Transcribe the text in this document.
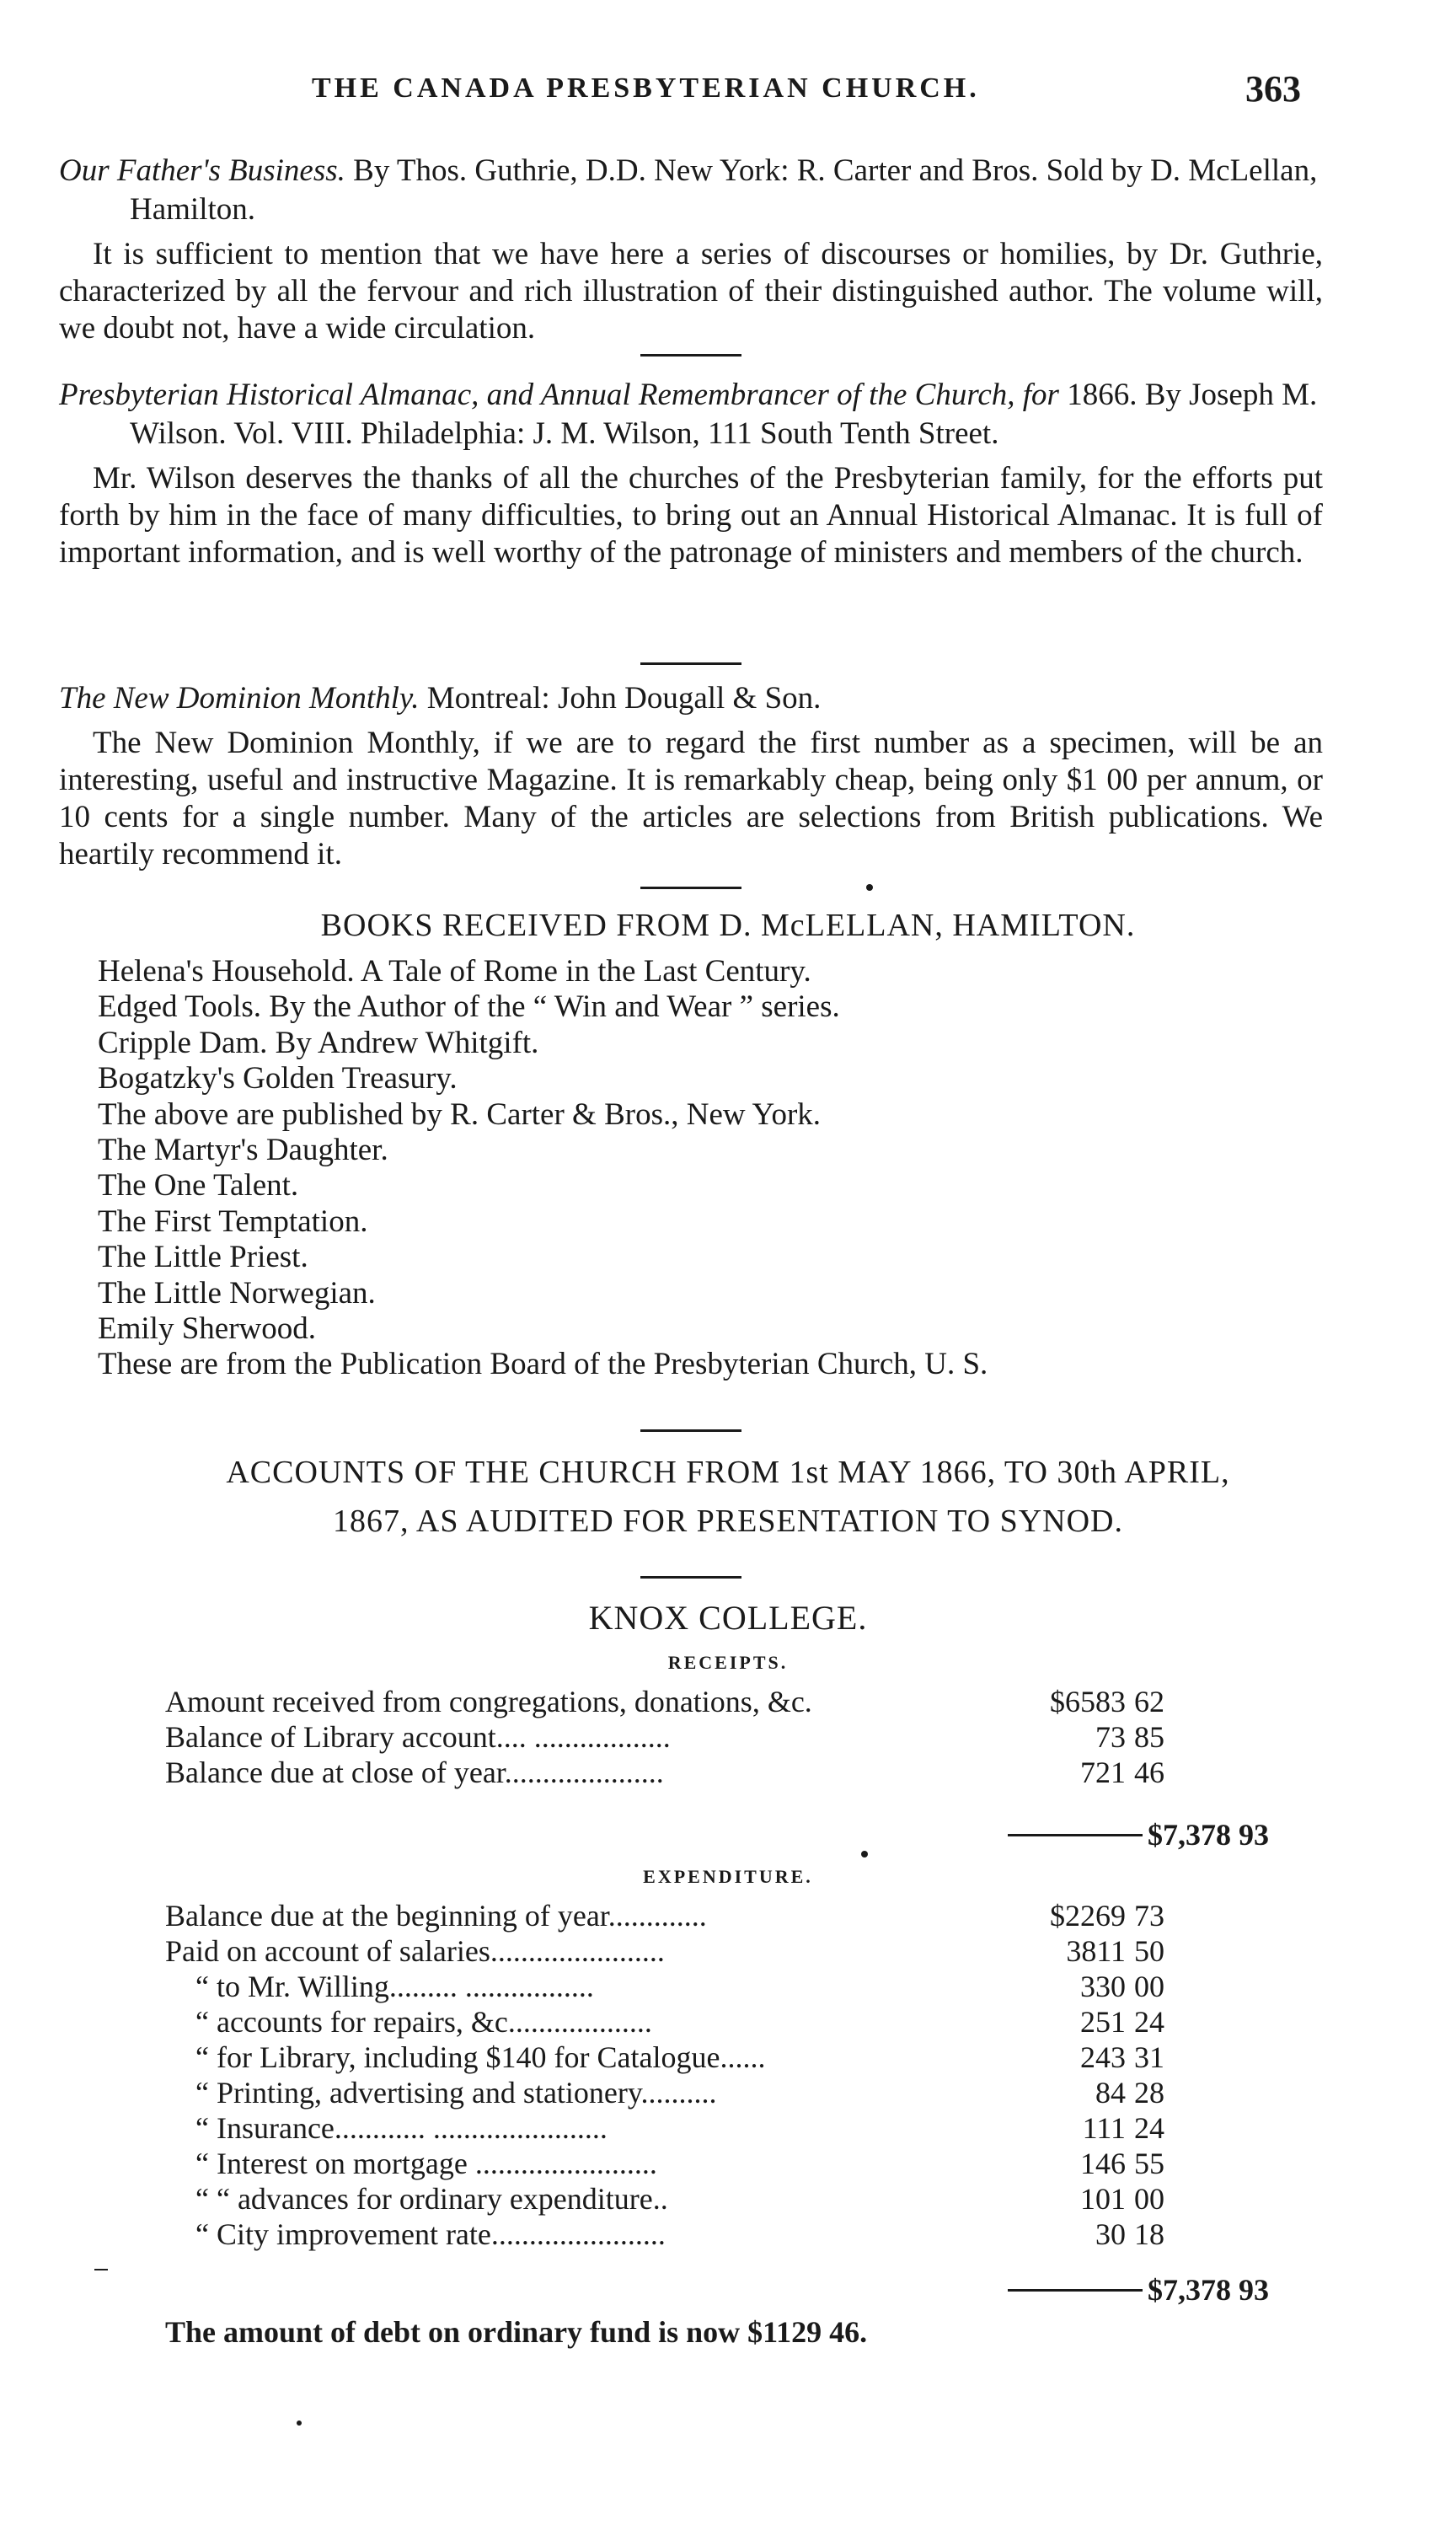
THE CANADA PRESBYTERIAN CHURCH.	363

Our Father's Business. By Thos. Guthrie, D.D. New York: R. Carter and Bros. Sold by D. McLellan, Hamilton.

It is sufficient to mention that we have here a series of discourses or homilies, by Dr. Guthrie, characterized by all the fervour and rich illustration of their distinguished author. The volume will, we doubt not, have a wide circulation.

Presbyterian Historical Almanac, and Annual Remembrancer of the Church, for 1866. By Joseph M. Wilson. Vol. VIII. Philadelphia: J. M. Wilson, 111 South Tenth Street.

Mr. Wilson deserves the thanks of all the churches of the Presbyterian family, for the efforts put forth by him in the face of many difficulties, to bring out an Annual Historical Almanac. It is full of important information, and is well worthy of the patronage of ministers and members of the church.

The New Dominion Monthly. Montreal: John Dougall & Son.

The New Dominion Monthly, if we are to regard the first number as a specimen, will be an interesting, useful and instructive Magazine. It is remarkably cheap, being only $1 00 per annum, or 10 cents for a single number. Many of the articles are selections from British publications. We heartily recommend it.

BOOKS RECEIVED FROM D. McLELLAN, HAMILTON.
Helena's Household. A Tale of Rome in the Last Century.
Edged Tools. By the Author of the “ Win and Wear ” series.
Cripple Dam. By Andrew Whitgift.
Bogatzky's Golden Treasury.
The above are published by R. Carter & Bros., New York.
The Martyr's Daughter.
The One Talent.
The First Temptation.
The Little Priest.
The Little Norwegian.
Emily Sherwood.
These are from the Publication Board of the Presbyterian Church, U. S.
ACCOUNTS OF THE CHURCH FROM 1st MAY 1866, TO 30th APRIL,
1867, AS AUDITED FOR PRESENTATION TO SYNOD.
KNOX COLLEGE.
RECEIPTS.
Amount received from congregations, donations, &c.	$6583 62
Balance of Library account.... ..................	73 85
Balance due at close of year.....................	721 46
$7,378 93
EXPENDITURE.
Balance due at the beginning of year.............	$2269 73
Paid on account of salaries.......................	3811 50
“ to Mr. Willing......... .................	330 00
“ accounts for repairs, &c...................	251 24
“ for Library, including $140 for Catalogue......	243 31
“ Printing, advertising and stationery..........	84 28
“ Insurance............ .......................	111 24
“ Interest on mortgage ........................	146 55
“ “ advances for ordinary expenditure..	101 00
“ City improvement rate.......................	30 18
$7,378 93
The amount of debt on ordinary fund is now $1129 46.
